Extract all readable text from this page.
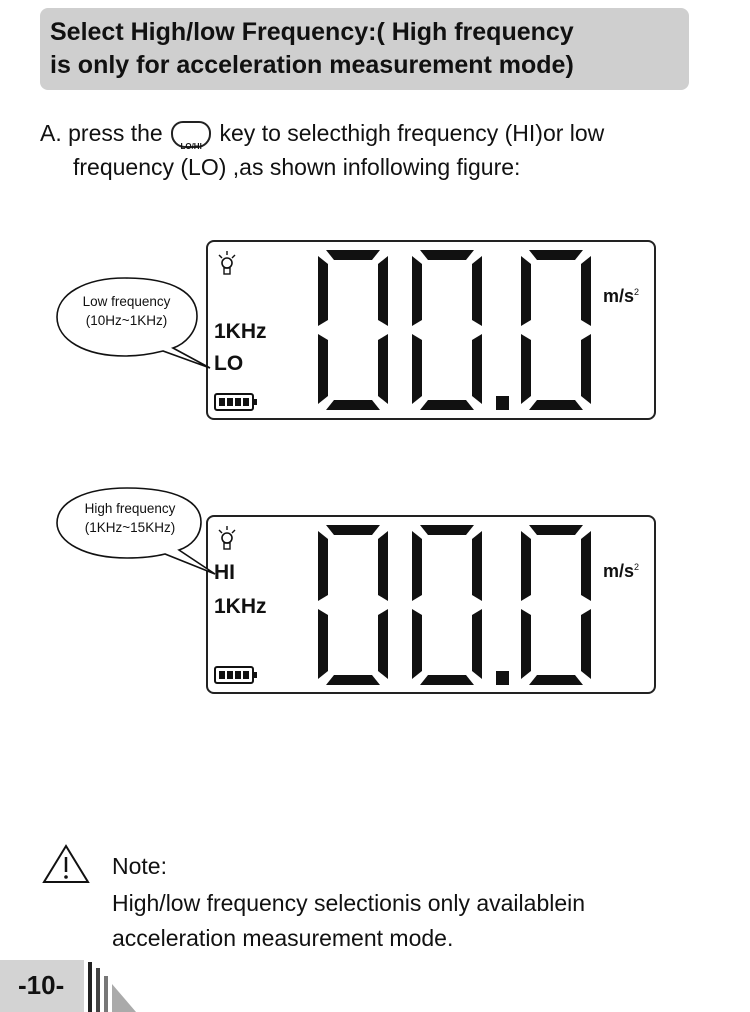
Select High/low Frequency:( High frequency
is only for acceleration measurement mode)
A. press the
LO/HI
key to selecthigh frequency (HI)or low
frequency (LO) ,as shown infollowing figure:
1KHz
LO
$m/s^2$
Low frequency
(10Hz~1KHz)
HI
1KHz
$m/s^2$
High frequency
(1KHz~15KHz)
Note:
High/low frequency selectionis only availablein
acceleration measurement mode.
-10-
